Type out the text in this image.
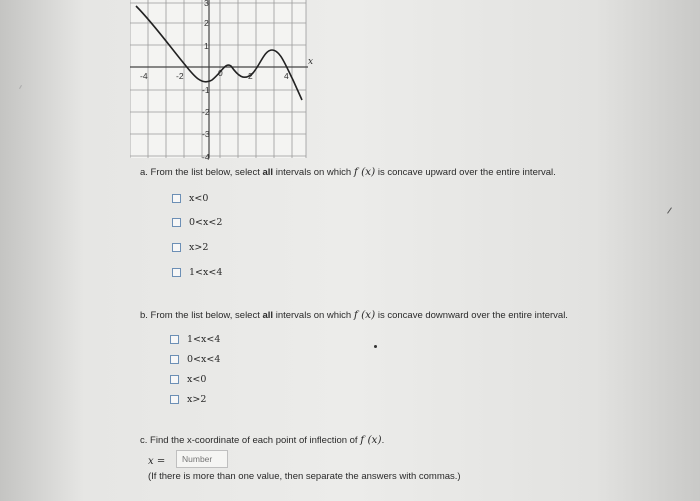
x
-4	-2	0	2	4
3
2
1
-1
-2
-3
-4
a. From the list below, select all intervals on which f (x) is concave upward over the entire interval.
x<0
0<x<2
x>2
1<x<4
b. From the list below, select all intervals on which f (x) is concave downward over the entire interval.
1<x<4
0<x<4
x<0
x>2
c. Find the x-coordinate of each point of inflection of f (x).
x =
Number
(If there is more than one value, then separate the answers with commas.)
